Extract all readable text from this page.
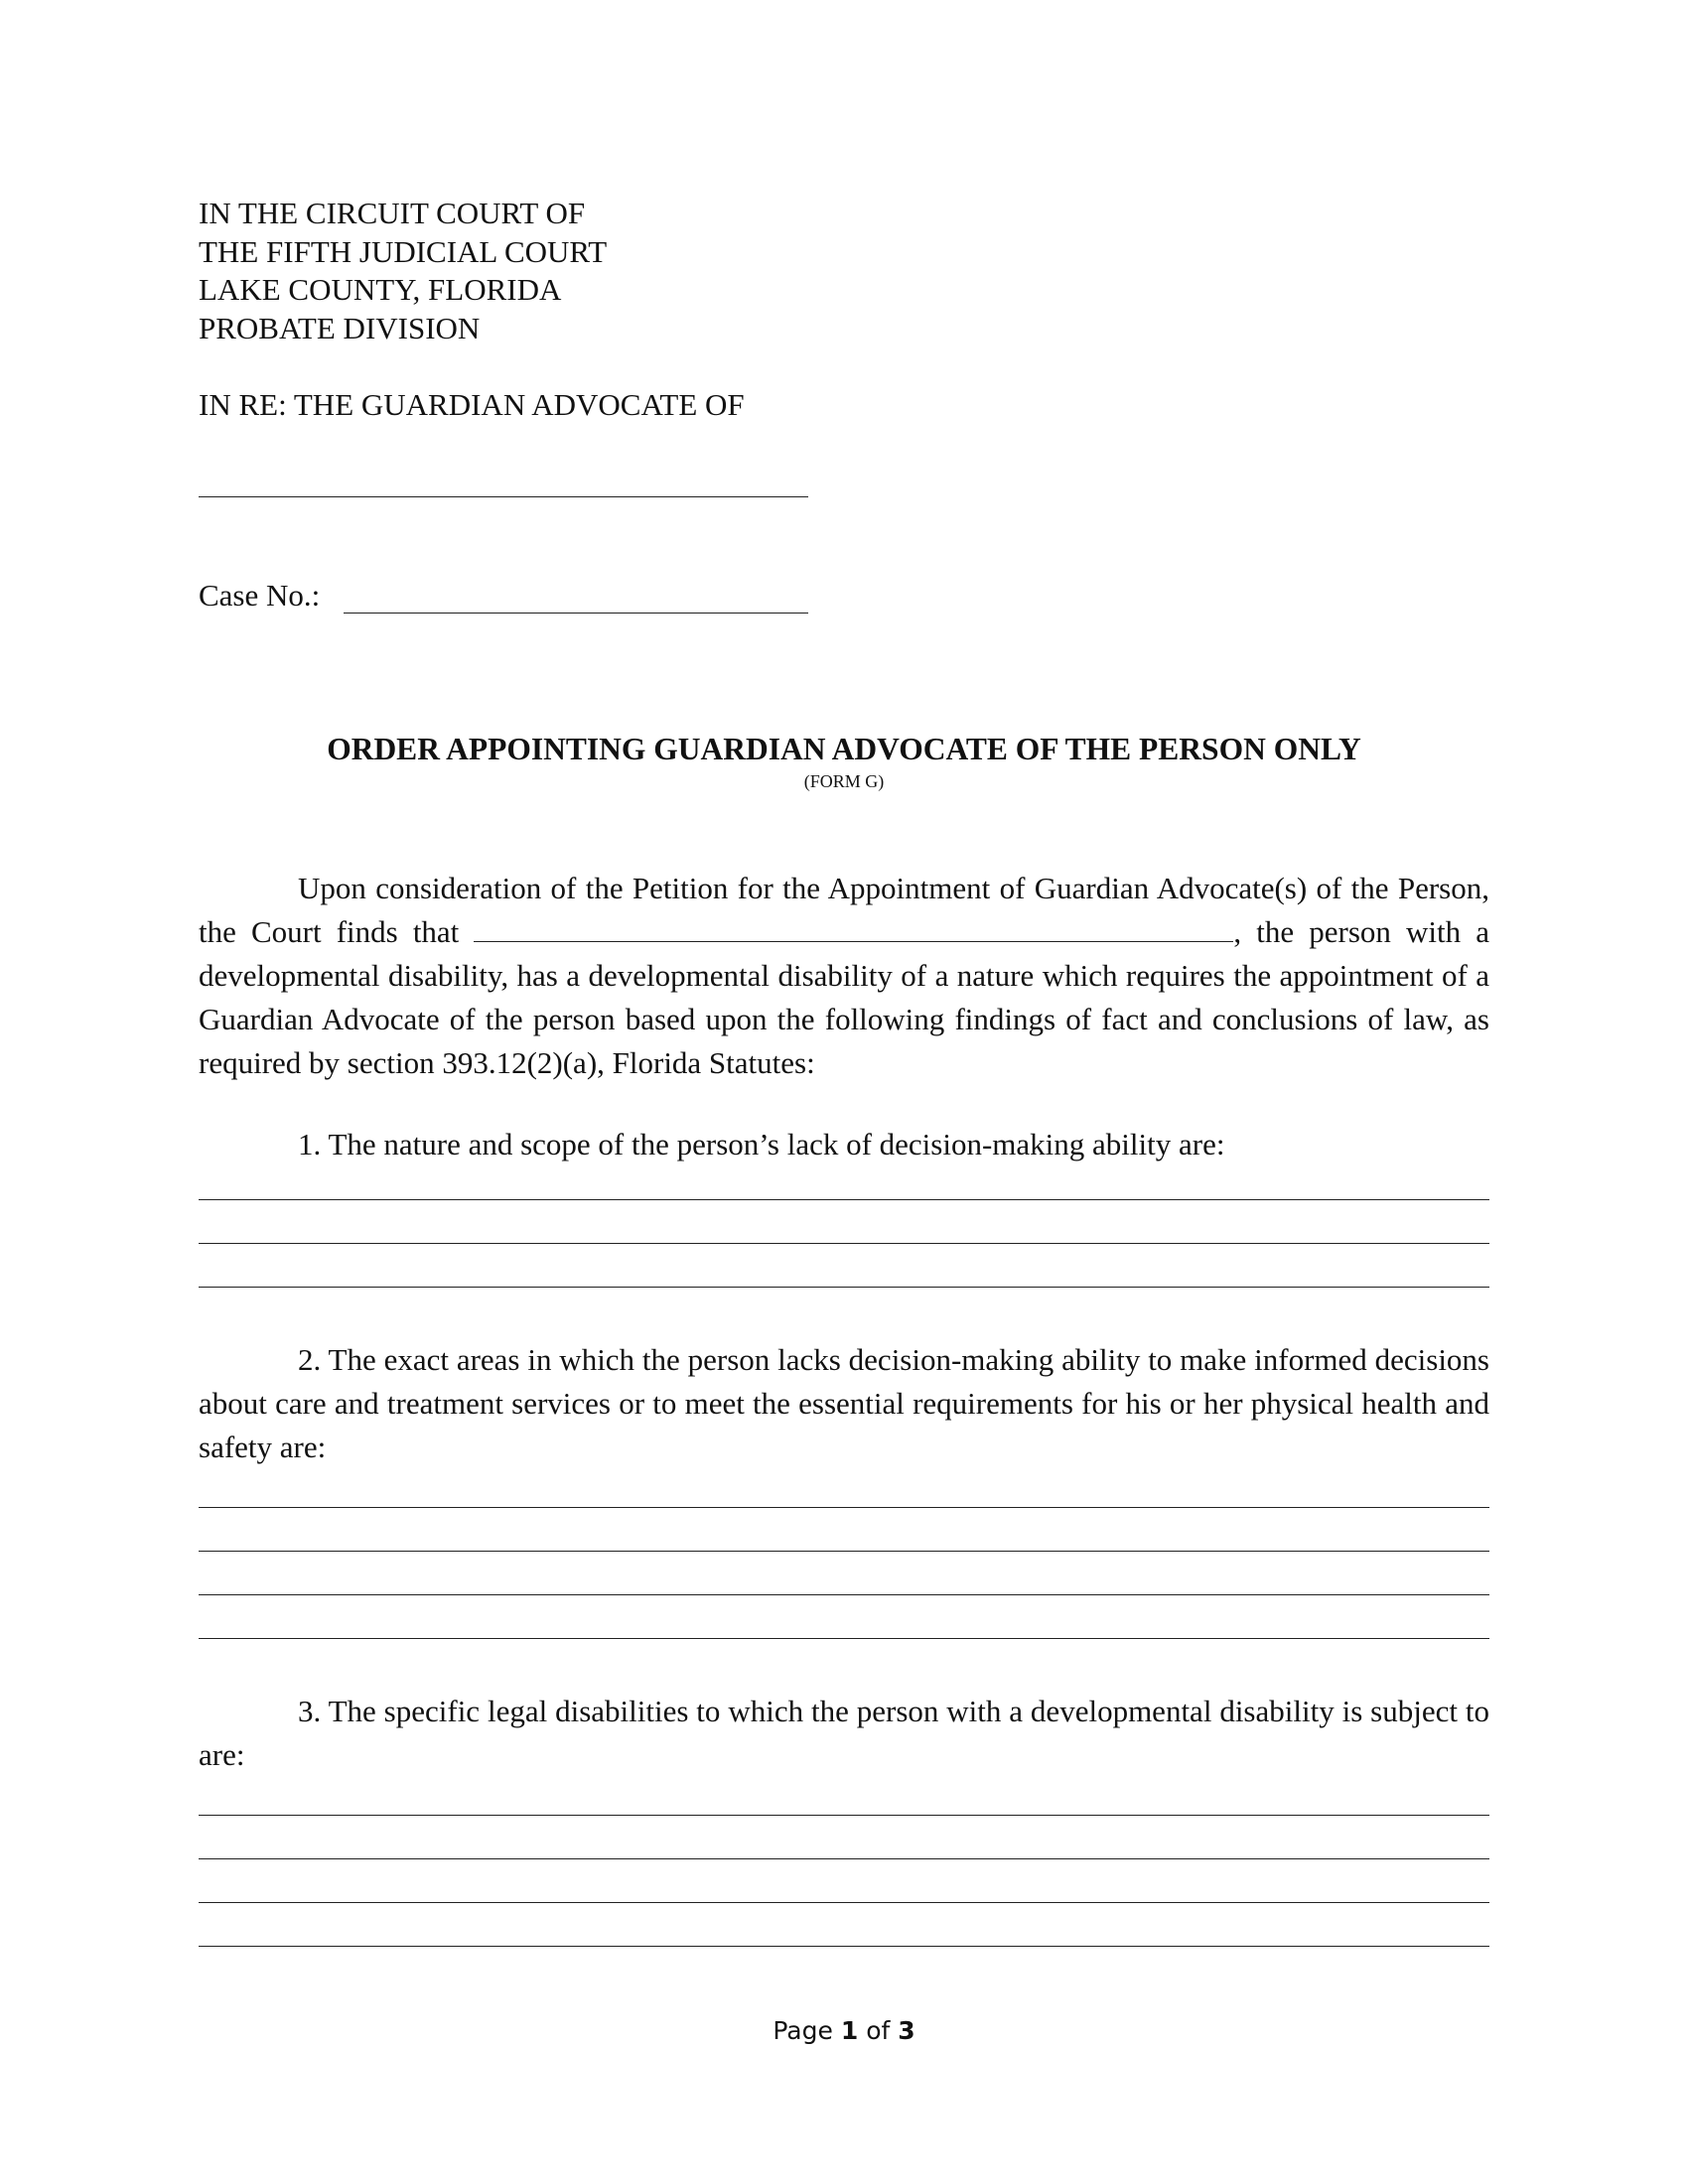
IN THE CIRCUIT COURT OF
THE FIFTH JUDICIAL COURT
LAKE COUNTY, FLORIDA
PROBATE DIVISION
IN RE: THE GUARDIAN ADVOCATE OF
Case No.:
ORDER APPOINTING GUARDIAN ADVOCATE OF THE PERSON ONLY
(FORM G)
Upon consideration of the Petition for the Appointment of Guardian Advocate(s) of the Person, the Court finds that	, the person with a developmental disability, has a developmental disability of a nature which requires the appointment of a Guardian Advocate of the person based upon the following findings of fact and conclusions of law, as required by section 393.12(2)(a), Florida Statutes:
1. The nature and scope of the person’s lack of decision-making ability are:
2. The exact areas in which the person lacks decision-making ability to make informed decisions about care and treatment services or to meet the essential requirements for his or her physical health and safety are:
3. The specific legal disabilities to which the person with a developmental disability is subject to are:
Page 1 of 3
